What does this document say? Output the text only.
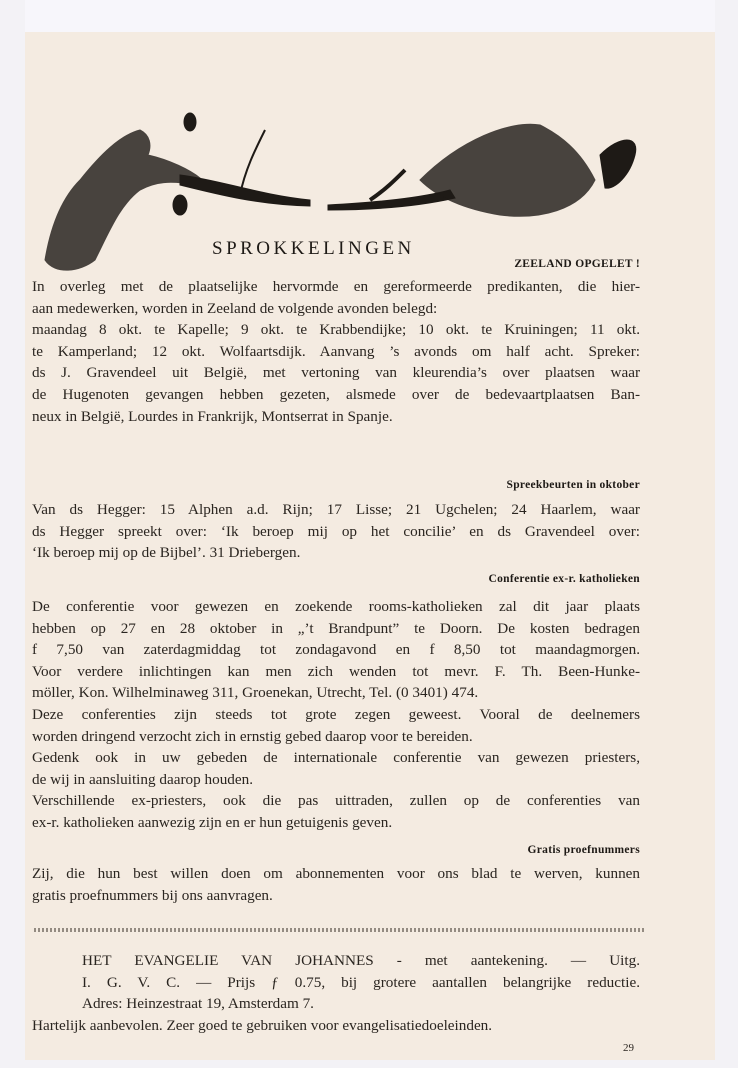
SPROKKELINGEN
ZEELAND OPGELET !
In overleg met de plaatselijke hervormde en gereformeerde predikanten, die hier-
aan medewerken, worden in Zeeland de volgende avonden belegd:
maandag 8 okt. te Kapelle; 9 okt. te Krabbendijke; 10 okt. te Kruiningen; 11 okt.
te Kamperland; 12 okt. Wolfaartsdijk. Aanvang ’s avonds om half acht. Spreker:
ds J. Gravendeel uit België, met vertoning van kleurendia’s over plaatsen waar
de Hugenoten gevangen hebben gezeten, alsmede over de bedevaartplaatsen Ban-
neux in België, Lourdes in Frankrijk, Montserrat in Spanje.
Spreekbeurten in oktober
Van ds Hegger: 15 Alphen a.d. Rijn; 17 Lisse; 21 Ugchelen; 24 Haarlem, waar
ds Hegger spreekt over: ‘Ik beroep mij op het concilie’ en ds Gravendeel over:
‘Ik beroep mij op de Bijbel’. 31 Driebergen.
Conferentie ex-r. katholieken
De conferentie voor gewezen en zoekende rooms-katholieken zal dit jaar plaats
hebben op 27 en 28 oktober in „’t Brandpunt” te Doorn. De kosten bedragen
f 7,50 van zaterdagmiddag tot zondagavond en f 8,50 tot maandagmorgen.
Voor verdere inlichtingen kan men zich wenden tot mevr. F. Th. Been-Hunke-
möller, Kon. Wilhelminaweg 311, Groenekan, Utrecht, Tel. (0 3401) 474.
Deze conferenties zijn steeds tot grote zegen geweest. Vooral de deelnemers
worden dringend verzocht zich in ernstig gebed daarop voor te bereiden.
Gedenk ook in uw gebeden de internationale conferentie van gewezen priesters,
de wij in aansluiting daarop houden.
Verschillende ex-priesters, ook die pas uittraden, zullen op de conferenties van
ex-r. katholieken aanwezig zijn en er hun getuigenis geven.
Gratis proefnummers
Zij, die hun best willen doen om abonnementen voor ons blad te werven, kunnen
gratis proefnummers bij ons aanvragen.
HET EVANGELIE VAN JOHANNES - met aantekening. — Uitg.
I. G. V. C. — Prijs ƒ 0.75, bij grotere aantallen belangrijke reductie.
Adres: Heinzestraat 19, Amsterdam 7.
Hartelijk aanbevolen. Zeer goed te gebruiken voor evangelisatiedoeleinden.
29
